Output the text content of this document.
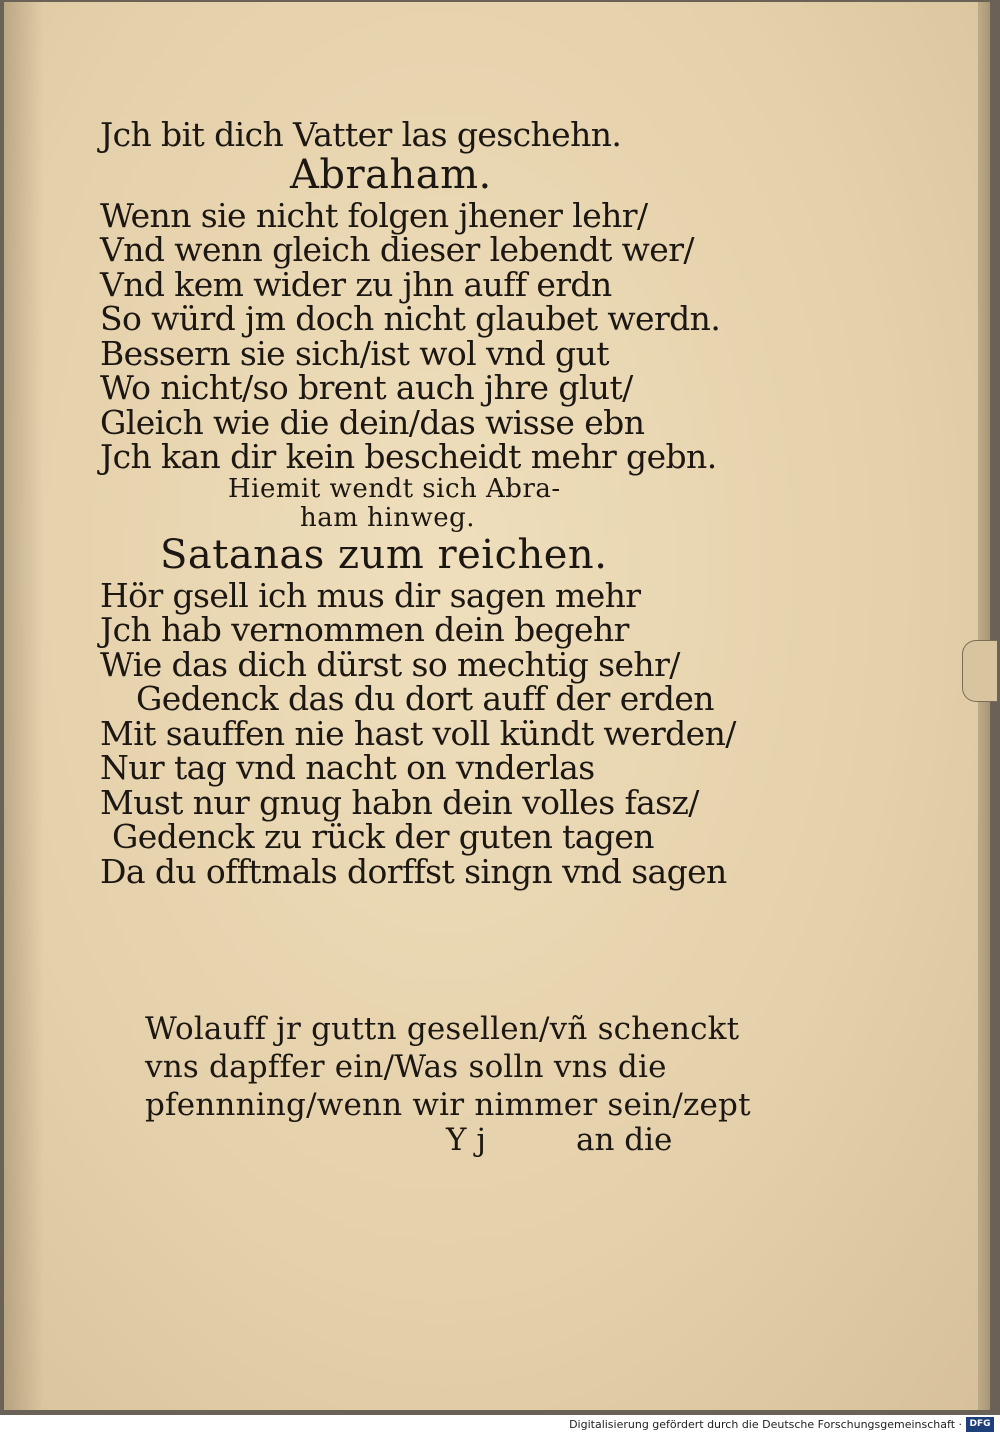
Jch bit dich Vatter las geschehn.
Abraham.
Wenn sie nicht folgen jhener lehr/
Vnd wenn gleich dieser lebendt wer/
Vnd kem wider zu jhn auff erdn
So würd jm doch nicht glaubet werdn.
Bessern sie sich/ist wol vnd gut
Wo nicht/so brent auch jhre glut/
Gleich wie die dein/das wisse ebn
Jch kan dir kein bescheidt mehr gebn.
Hiemit wendt sich Abra-
ham hinweg.
Satanas zum reichen.
Hör gsell ich mus dir sagen mehr
Jch hab vernommen dein begehr
Wie das dich dürst so mechtig sehr/
Gedenck das du dort auff der erden
Mit sauffen nie hast voll kündt werden/
Nur tag vnd nacht on vnderlas
Must nur gnug habn dein volles fasz/
Gedenck zu rück der guten tagen
Da du offtmals dorffst singn vnd sagen
Wolauff jr guttn gesellen/vñ schenckt
vns dapffer ein/Was solln vns die
pfennning/wenn wir nimmer sein/zept
Y j	an die
Digitalisierung gefördert durch die Deutsche Forschungsgemeinschaft · DFG
